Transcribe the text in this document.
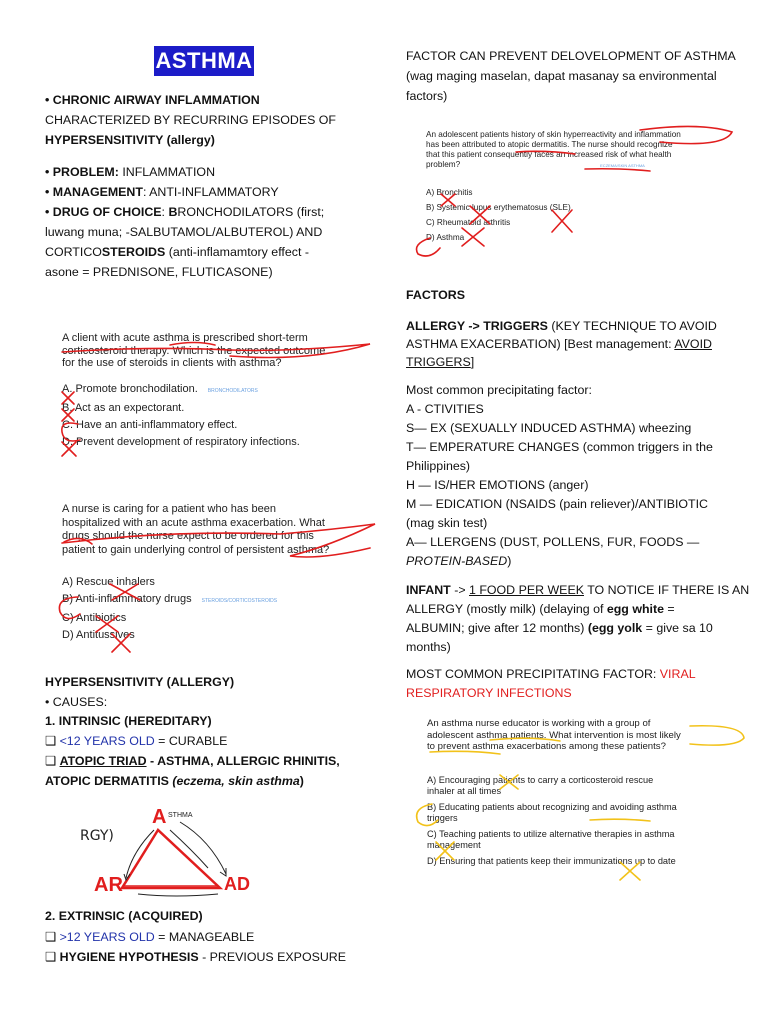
ASTHMA

• CHRONIC AIRWAY INFLAMMATION

CHARACTERIZED BY RECURRING EPISODES OF

HYPERSENSITIVITY (allergy)

• PROBLEM: INFLAMMATION

• MANAGEMENT: ANTI-INFLAMMATORY

• DRUG OF CHOICE: BRONCHODILATORS (first;

luwang muna; -SALBUTAMOL/ALBUTEROL) AND

CORTICOSTEROIDS (anti-inflamamtory effect -

asone = PREDNISONE, FLUTICASONE)

A client with acute asthma is prescribed short-term
corticosteroid therapy. Which is the expected outcome
for the use of steroids in clients with asthma?
A. Promote bronchodilation. BRONCHODILATORS
B. Act as an expectorant.
C. Have an anti-inflammatory effect.
D. Prevent development of respiratory infections.
A nurse is caring for a patient who has been
hospitalized with an acute asthma exacerbation. What
drugs should the nurse expect to be ordered for this
patient to gain underlying control of persistent asthma?
A) Rescue inhalers
B) Anti-inflammatory drugs STEROIDS/CORTICOSTEROIDS
C) Antibiotics
D) Antitussives

HYPERSENSITIVITY (ALLERGY)

• CAUSES:

1. INTRINSIC (HEREDITARY)

❑ <12 YEARS OLD = CURABLE

❑ ATOPIC TRIAD - ASTHMA, ALLERGIC RHINITIS,

ATOPIC DERMATITIS (eczema, skin asthma)

2. EXTRINSIC (ACQUIRED)

❑ >12 YEARS OLD = MANAGEABLE

❑ HYGIENE HYPOTHESIS - PREVIOUS EXPOSURE

RGY)
A STHMA
AR	AD

FACTOR CAN PREVENT DELOVELOPMENT OF ASTHMA

(wag maging maselan, dapat masanay sa environmental

factors)

An adolescent patients history of skin hyperreactivity and inflammation
has been attributed to atopic dermatitis. The nurse should recognize
that this patient consequently faces an increased risk of what health
problem?	ECZEMA/SKIN ASTHMA
A) Bronchitis
B) Systemic lupus erythematosus (SLE)
C) Rheumatoid arthritis
D) Asthma

FACTORS

ALLERGY -> TRIGGERS (KEY TECHNIQUE TO AVOID

ASTHMA EXACERBATION) [Best management: AVOID

TRIGGERS]

Most common precipitating factor:

A - CTIVITIES

S— EX (SEXUALLY INDUCED ASTHMA) wheezing

T— EMPERATURE CHANGES (common triggers in the

Philippines)

H — IS/HER EMOTIONS (anger)

M — EDICATION (NSAIDS (pain reliever)/ANTIBIOTIC

(mag skin test)

A— LLERGENS (DUST, POLLENS, FUR, FOODS —

PROTEIN-BASED)

INFANT -> 1 FOOD PER WEEK TO NOTICE IF THERE IS AN

ALLERGY (mostly milk) (delaying of egg white =

ALBUMIN; give after 12 months) (egg yolk = give sa 10

months)

MOST COMMON PRECIPITATING FACTOR: VIRAL

RESPIRATORY INFECTIONS

An asthma nurse educator is working with a group of
adolescent asthma patients. What intervention is most likely
to prevent asthma exacerbations among these patients?
A) Encouraging patients to carry a corticosteroid rescue
inhaler at all times
B) Educating patients about recognizing and avoiding asthma
triggers
C) Teaching patients to utilize alternative therapies in asthma
management
D) Ensuring that patients keep their immunizations up to date
